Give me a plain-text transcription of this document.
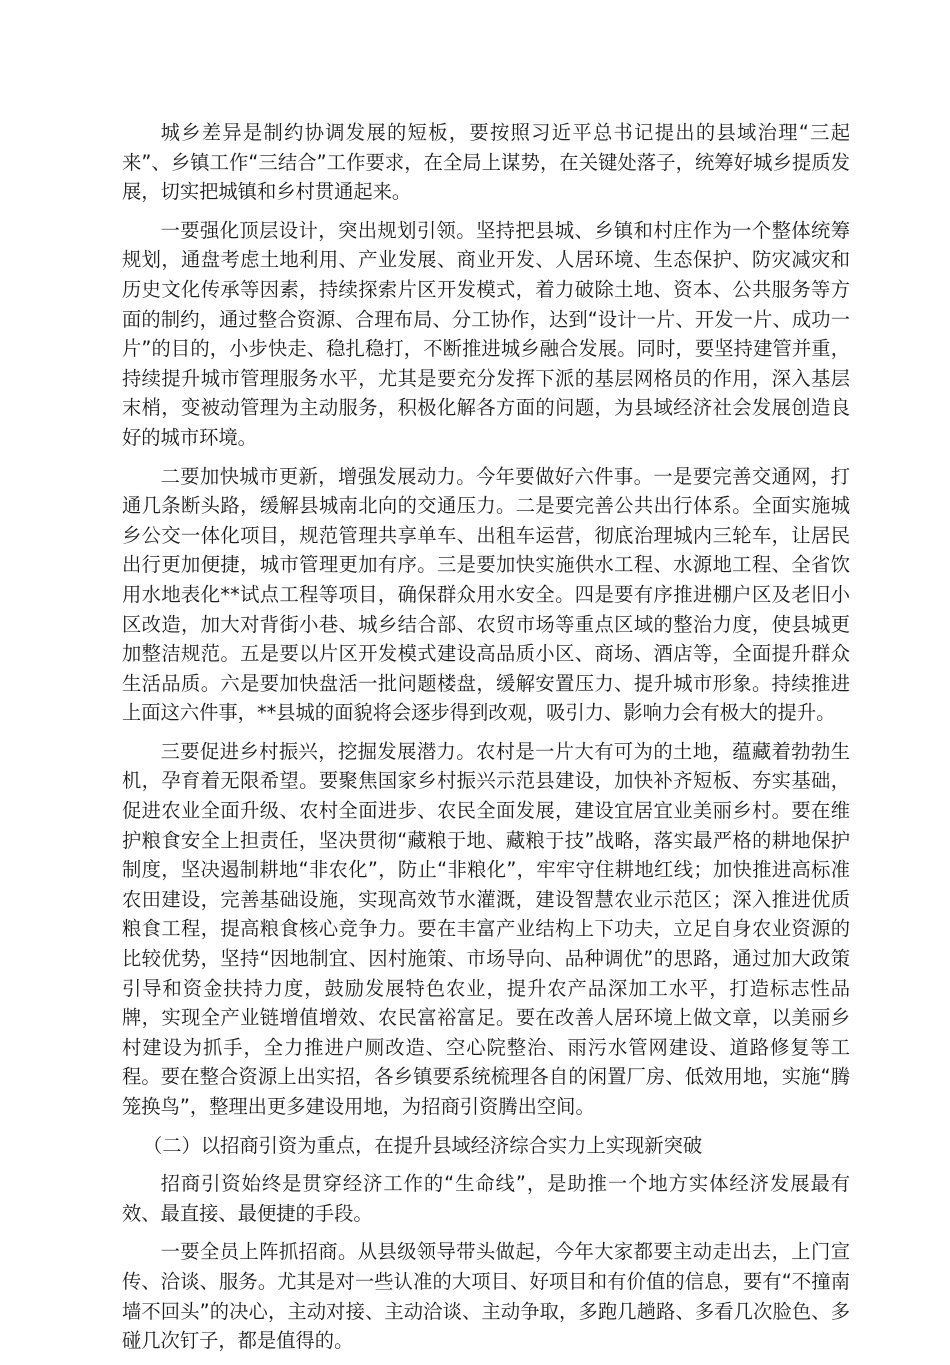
城乡差异是制约协调发展的短板，要按照习近平总书记提出的县域治理“三起来”、乡镇工作“三结合”工作要求，在全局上谋势，在关键处落子，统筹好城乡提质发展，切实把城镇和乡村贯通起来。

一要强化顶层设计，突出规划引领。坚持把县城、乡镇和村庄作为一个整体统筹规划，通盘考虑土地利用、产业发展、商业开发、人居环境、生态保护、防灾减灾和历史文化传承等因素，持续探索片区开发模式，着力破除土地、资本、公共服务等方面的制约，通过整合资源、合理布局、分工协作，达到“设计一片、开发一片、成功一片”的目的，小步快走、稳扎稳打，不断推进城乡融合发展。同时，要坚持建管并重，持续提升城市管理服务水平，尤其是要充分发挥下派的基层网格员的作用，深入基层末梢，变被动管理为主动服务，积极化解各方面的问题，为县域经济社会发展创造良好的城市环境。

二要加快城市更新，增强发展动力。今年要做好六件事。一是要完善交通网，打通几条断头路，缓解县城南北向的交通压力。二是要完善公共出行体系。全面实施城乡公交一体化项目，规范管理共享单车、出租车运营，彻底治理城内三轮车，让居民出行更加便捷，城市管理更加有序。三是要加快实施供水工程、水源地工程、全省饮用水地表化**试点工程等项目，确保群众用水安全。四是要有序推进棚户区及老旧小区改造，加大对背街小巷、城乡结合部、农贸市场等重点区域的整治力度，使县城更加整洁规范。五是要以片区开发模式建设高品质小区、商场、酒店等，全面提升群众生活品质。六是要加快盘活一批问题楼盘，缓解安置压力、提升城市形象。持续推进上面这六件事，**县城的面貌将会逐步得到改观，吸引力、影响力会有极大的提升。

三要促进乡村振兴，挖掘发展潜力。农村是一片大有可为的土地，蕴藏着勃勃生机，孕育着无限希望。要聚焦国家乡村振兴示范县建设，加快补齐短板、夯实基础，促进农业全面升级、农村全面进步、农民全面发展，建设宜居宜业美丽乡村。要在维护粮食安全上担责任，坚决贯彻“藏粮于地、藏粮于技”战略，落实最严格的耕地保护制度，坚决遏制耕地“非农化”，防止“非粮化”，牢牢守住耕地红线；加快推进高标准农田建设，完善基础设施，实现高效节水灌溉，建设智慧农业示范区；深入推进优质粮食工程，提高粮食核心竞争力。要在丰富产业结构上下功夫，立足自身农业资源的比较优势，坚持“因地制宜、因村施策、市场导向、品种调优”的思路，通过加大政策引导和资金扶持力度，鼓励发展特色农业，提升农产品深加工水平，打造标志性品牌，实现全产业链增值增效、农民富裕富足。要在改善人居环境上做文章，以美丽乡村建设为抓手，全力推进户厕改造、空心院整治、雨污水管网建设、道路修复等工程。要在整合资源上出实招，各乡镇要系统梳理各自的闲置厂房、低效用地，实施“腾笼换鸟”，整理出更多建设用地，为招商引资腾出空间。

（二）以招商引资为重点，在提升县域经济综合实力上实现新突破

招商引资始终是贯穿经济工作的“生命线”，是助推一个地方实体经济发展最有效、最直接、最便捷的手段。

一要全员上阵抓招商。从县级领导带头做起，今年大家都要主动走出去，上门宣传、洽谈、服务。尤其是对一些认准的大项目、好项目和有价值的信息，要有“不撞南墙不回头”的决心，主动对接、主动洽谈、主动争取，多跑几趟路、多看几次脸色、多碰几次钉子，都是值得的。
